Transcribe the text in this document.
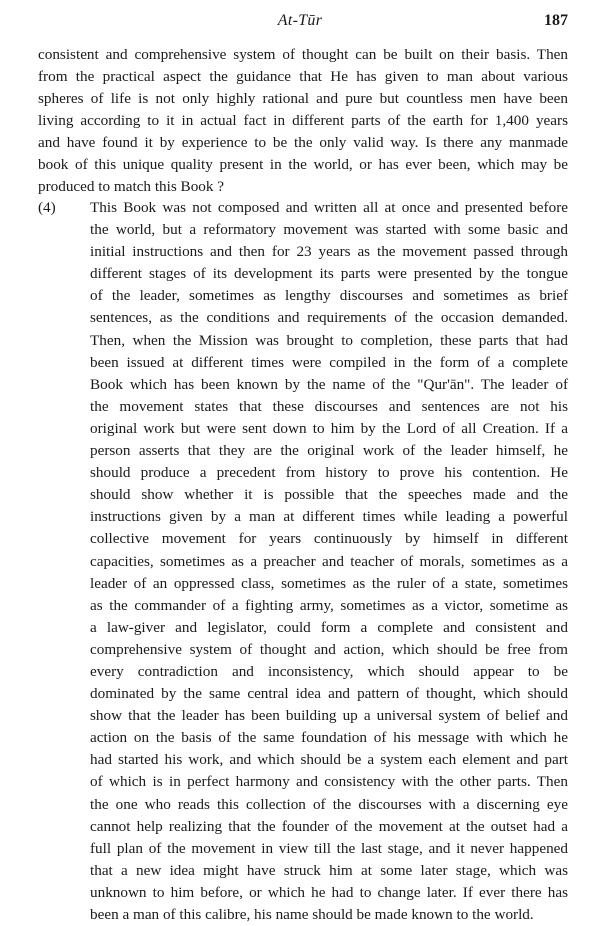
At-Tūr	187
consistent and comprehensive system of thought can be built on their basis. Then
from the practical aspect the guidance that He has given to man about various
spheres of life is not only highly rational and pure but countless men have been
living according to it in actual fact in different parts of the earth for 1,400 years
and have found it by experience to be the only valid way. Is there any manmade
book of this unique quality present in the world, or has ever been, which may be
produced to match this Book ?
(4) This Book was not composed and written all at once and presented before
the world, but a reformatory movement was started with some basic and
initial instructions and then for 23 years as the movement passed through
different stages of its development its parts were presented by the tongue
of the leader, sometimes as lengthy discourses and sometimes as brief
sentences, as the conditions and requirements of the occasion demanded.
Then, when the Mission was brought to completion, these parts that had
been issued at different times were compiled in the form of a complete
Book which has been known by the name of the "Qur'ān". The leader of
the movement states that these discourses and sentences are not his
original work but were sent down to him by the Lord of all Creation. If a
person asserts that they are the original work of the leader himself, he
should produce a precedent from history to prove his contention. He
should show whether it is possible that the speeches made and the
instructions given by a man at different times while leading a powerful
collective movement for years continuously by himself in different
capacities, sometimes as a preacher and teacher of morals, sometimes as a
leader of an oppressed class, sometimes as the ruler of a state, sometimes
as the commander of a fighting army, sometimes as a victor, sometime as
a law-giver and legislator, could form a complete and consistent and
comprehensive system of thought and action, which should be free from
every contradiction and inconsistency, which should appear to be
dominated by the same central idea and pattern of thought, which should
show that the leader has been building up a universal system of belief and
action on the basis of the same foundation of his message with which he
had started his work, and which should be a system each element and part
of which is in perfect harmony and consistency with the other parts. Then
the one who reads this collection of the discourses with a discerning eye
cannot help realizing that the founder of the movement at the outset had a
full plan of the movement in view till the last stage, and it never happened
that a new idea might have struck him at some later stage, which was
unknown to him before, or which he had to change later. If ever there has
been a man of this calibre, his name should be made known to the world.
